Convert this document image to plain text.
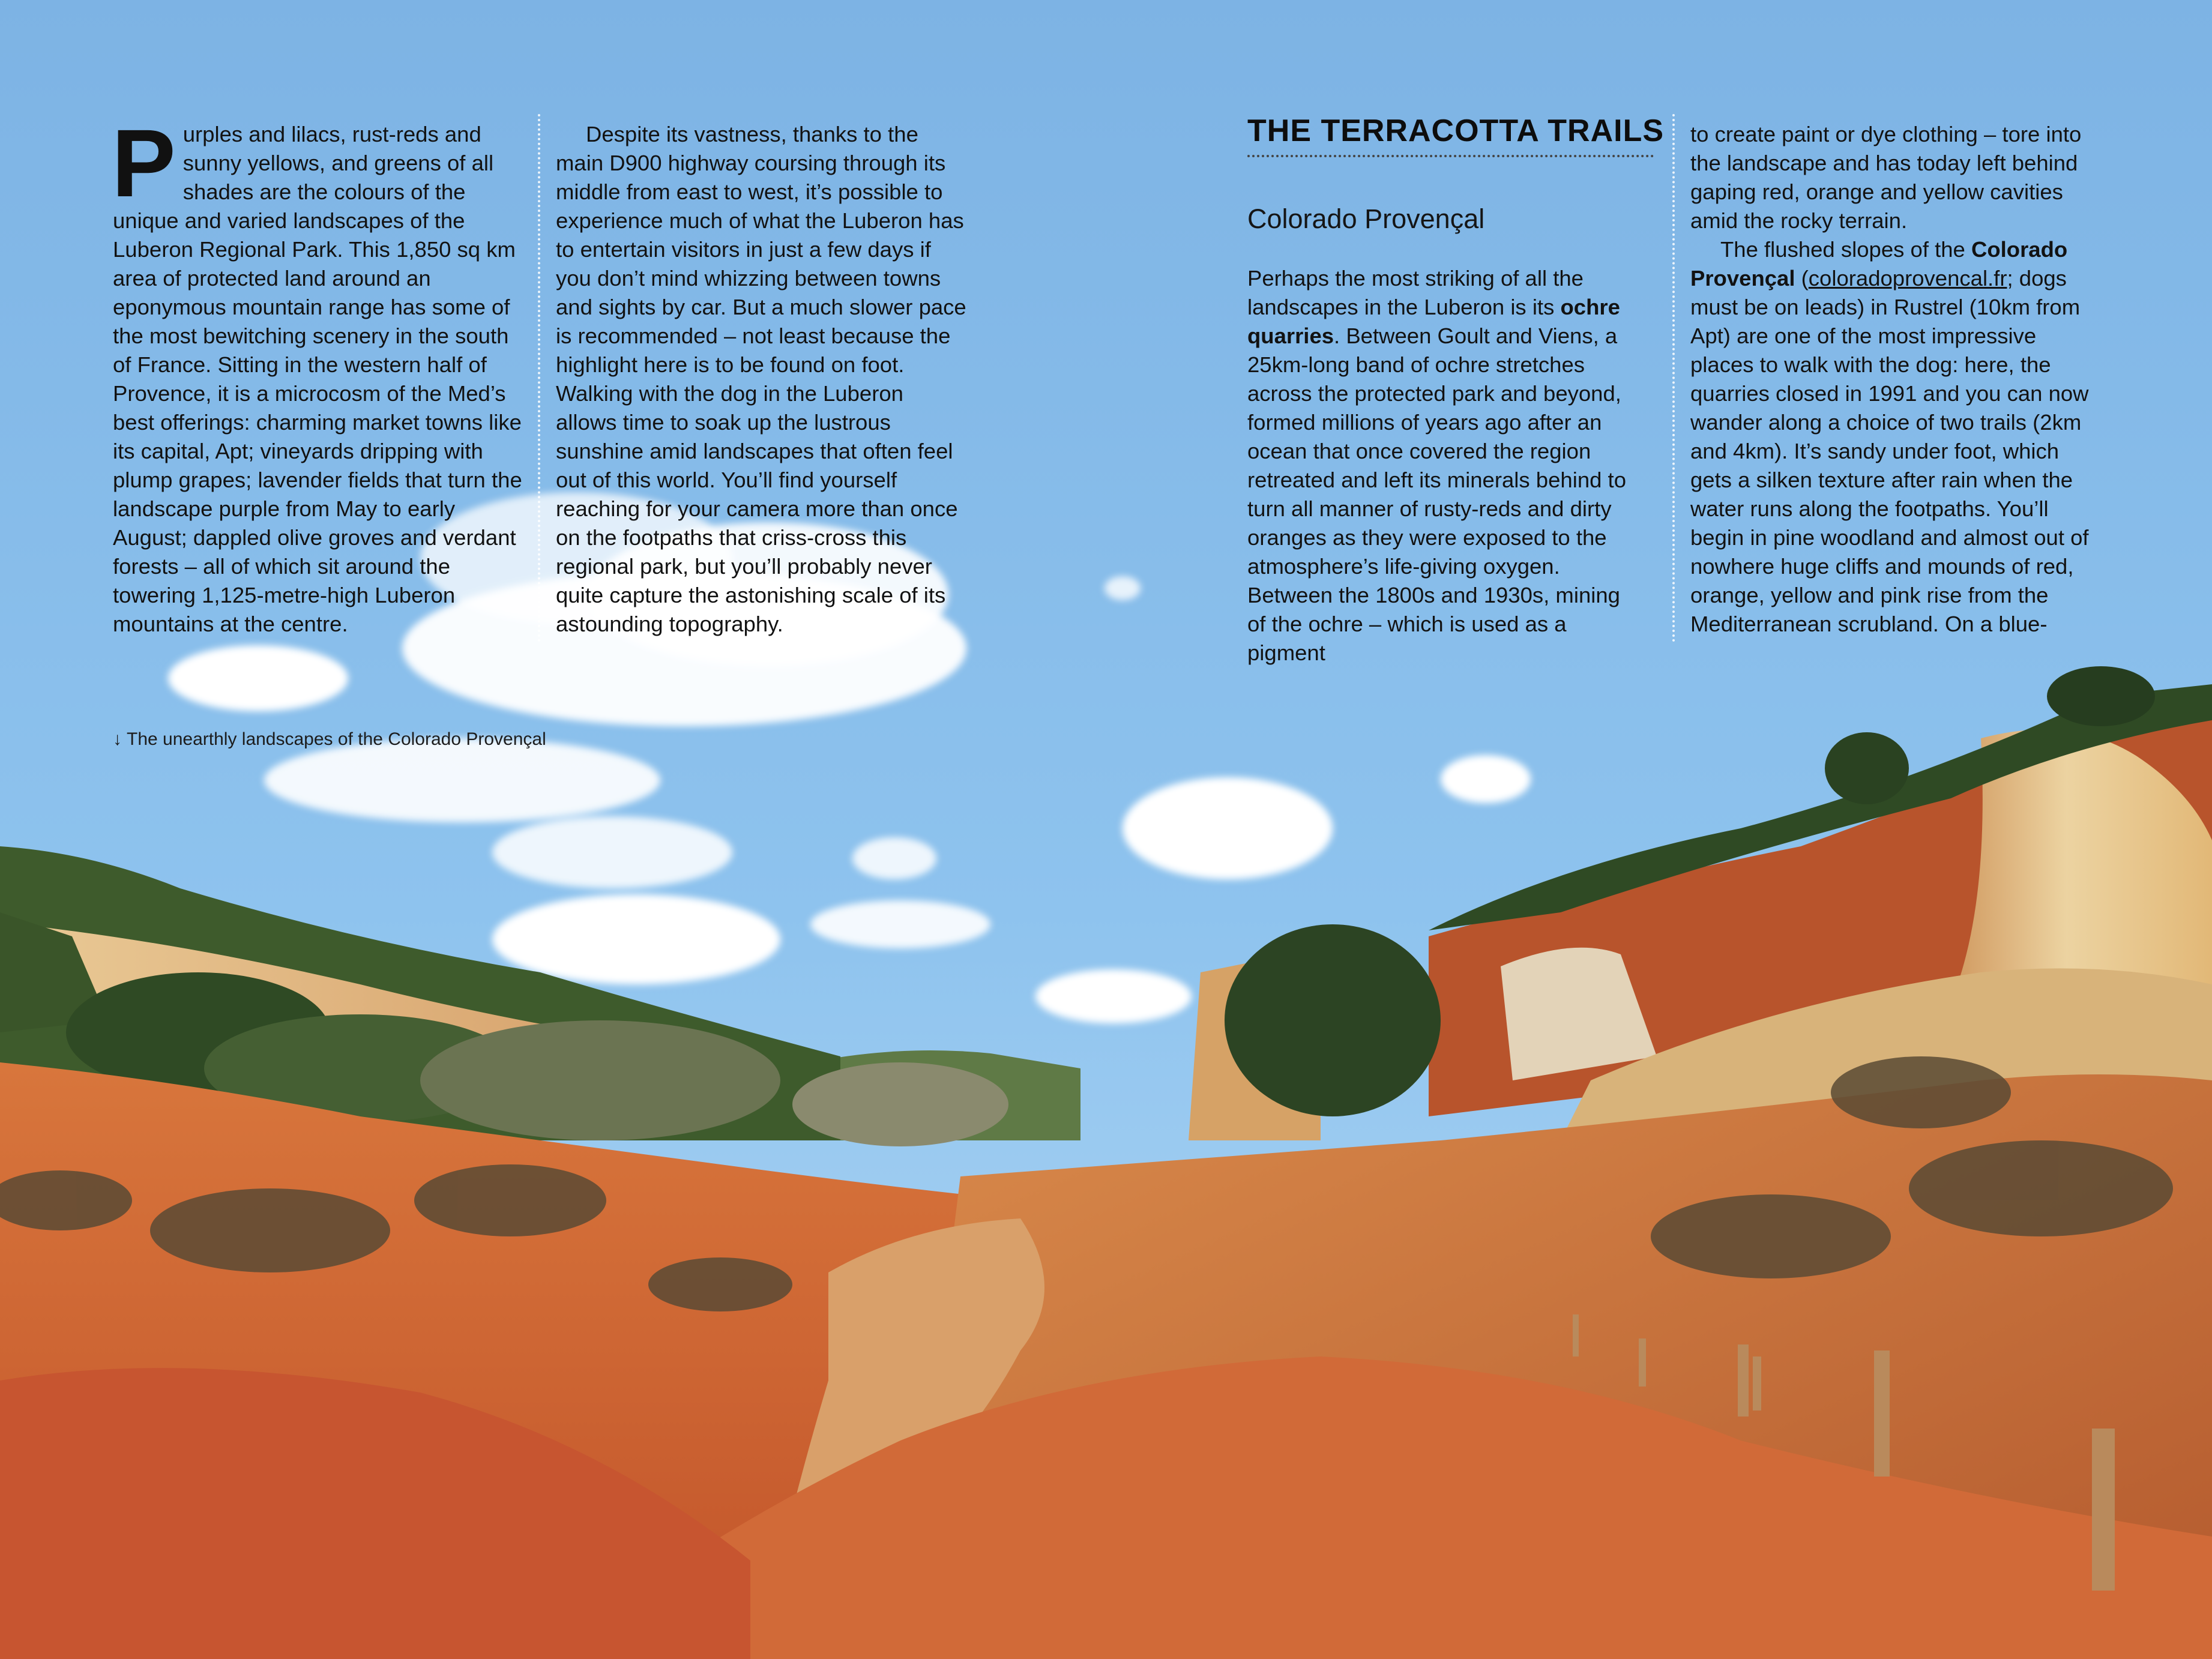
Purples and lilacs, rust-reds and sunny yellows, and greens of all shades are the colours of the unique and varied landscapes of the Luberon Regional Park. This 1,850 sq km area of protected land around an eponymous mountain range has some of the most bewitching scenery in the south of France. Sitting in the western half of Provence, it is a microcosm of the Med’s best offerings: charming market towns like its capital, Apt; vineyards dripping with plump grapes; lavender fields that turn the landscape purple from May to early August; dappled olive groves and verdant forests – all of which sit around the towering 1,125-metre-high Luberon mountains at the centre.

Despite its vastness, thanks to the main D900 highway coursing through its middle from east to west, it’s possible to experience much of what the Luberon has to entertain visitors in just a few days if you don’t mind whizzing between towns and sights by car. But a much slower pace is recommended – not least because the highlight here is to be found on foot. Walking with the dog in the Luberon allows time to soak up the lustrous sunshine amid landscapes that often feel out of this world. You’ll find yourself reaching for your camera more than once on the footpaths that criss-cross this regional park, but you’ll probably never quite capture the astonishing scale of its astounding topography.

↓ The unearthly landscapes of the Colorado Provençal
THE TERRACOTTA TRAILS
Colorado Provençal

Perhaps the most striking of all the landscapes in the Luberon is its ochre quarries. Between Goult and Viens, a 25km-long band of ochre stretches across the protected park and beyond, formed millions of years ago after an ocean that once covered the region retreated and left its minerals behind to turn all manner of rusty-reds and dirty oranges as they were exposed to the atmosphere’s life-giving oxygen. Between the 1800s and 1930s, mining of the ochre – which is used as a pigment

to create paint or dye clothing – tore into the landscape and has today left behind gaping red, orange and yellow cavities amid the rocky terrain.

The flushed slopes of the Colorado Provençal (coloradoprovencal.fr; dogs must be on leads) in Rustrel (10km from Apt) are one of the most impressive places to walk with the dog: here, the quarries closed in 1991 and you can now wander along a choice of two trails (2km and 4km). It’s sandy under foot, which gets a silken texture after rain when the water runs along the footpaths. You’ll begin in pine woodland and almost out of nowhere huge cliffs and mounds of red, orange, yellow and pink rise from the Mediterranean scrubland. On a blue-
